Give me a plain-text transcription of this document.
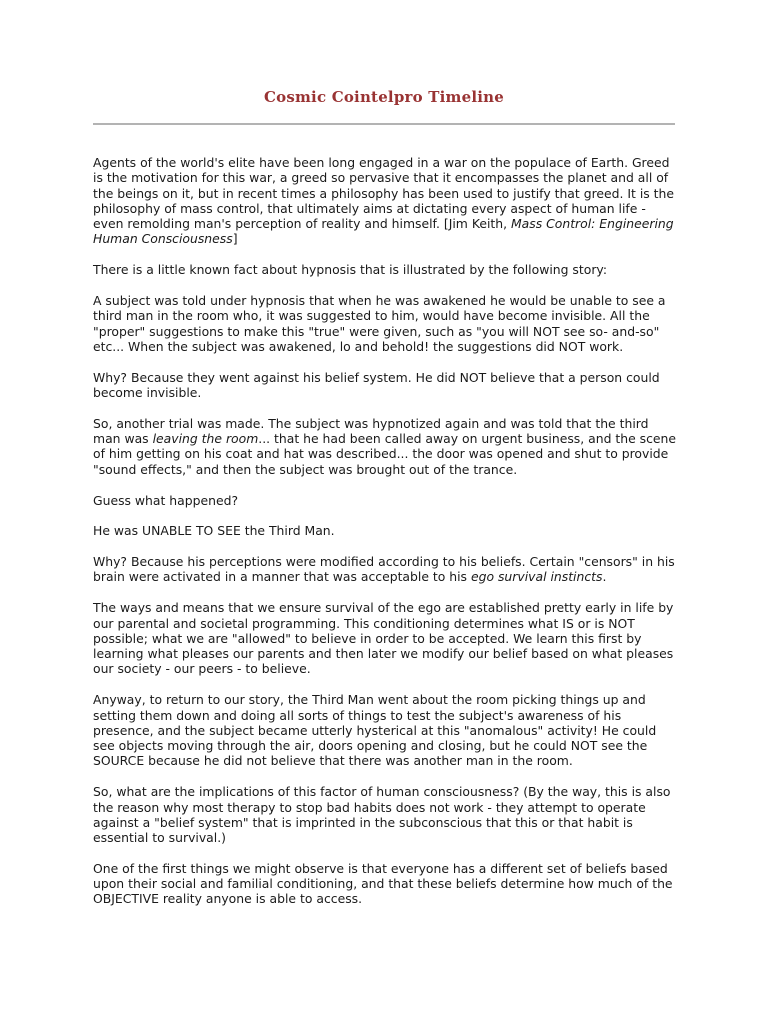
Cosmic Cointelpro Timeline

Agents of the world's elite have been long engaged in a war on the populace of Earth. Greed is the motivation for this war, a greed so pervasive that it encompasses the planet and all of the beings on it, but in recent times a philosophy has been used to justify that greed. It is the philosophy of mass control, that ultimately aims at dictating every aspect of human life - even remolding man's perception of reality and himself. [Jim Keith, Mass Control: Engineering Human Consciousness]

There is a little known fact about hypnosis that is illustrated by the following story:

A subject was told under hypnosis that when he was awakened he would be unable to see a third man in the room who, it was suggested to him, would have become invisible. All the "proper" suggestions to make this "true" were given, such as "you will NOT see so- and-so" etc... When the subject was awakened, lo and behold! the suggestions did NOT work.

Why? Because they went against his belief system. He did NOT believe that a person could become invisible.

So, another trial was made. The subject was hypnotized again and was told that the third man was leaving the room... that he had been called away on urgent business, and the scene of him getting on his coat and hat was described... the door was opened and shut to provide "sound effects," and then the subject was brought out of the trance.

Guess what happened?

He was UNABLE TO SEE the Third Man.

Why? Because his perceptions were modified according to his beliefs. Certain "censors" in his brain were activated in a manner that was acceptable to his ego survival instincts.

The ways and means that we ensure survival of the ego are established pretty early in life by our parental and societal programming. This conditioning determines what IS or is NOT possible; what we are "allowed" to believe in order to be accepted. We learn this first by learning what pleases our parents and then later we modify our belief based on what pleases our society - our peers - to believe.

Anyway, to return to our story, the Third Man went about the room picking things up and setting them down and doing all sorts of things to test the subject's awareness of his presence, and the subject became utterly hysterical at this "anomalous" activity! He could see objects moving through the air, doors opening and closing, but he could NOT see the SOURCE because he did not believe that there was another man in the room.

So, what are the implications of this factor of human consciousness? (By the way, this is also the reason why most therapy to stop bad habits does not work - they attempt to operate against a "belief system" that is imprinted in the subconscious that this or that habit is essential to survival.)

One of the first things we might observe is that everyone has a different set of beliefs based upon their social and familial conditioning, and that these beliefs determine how much of the OBJECTIVE reality anyone is able to access.
